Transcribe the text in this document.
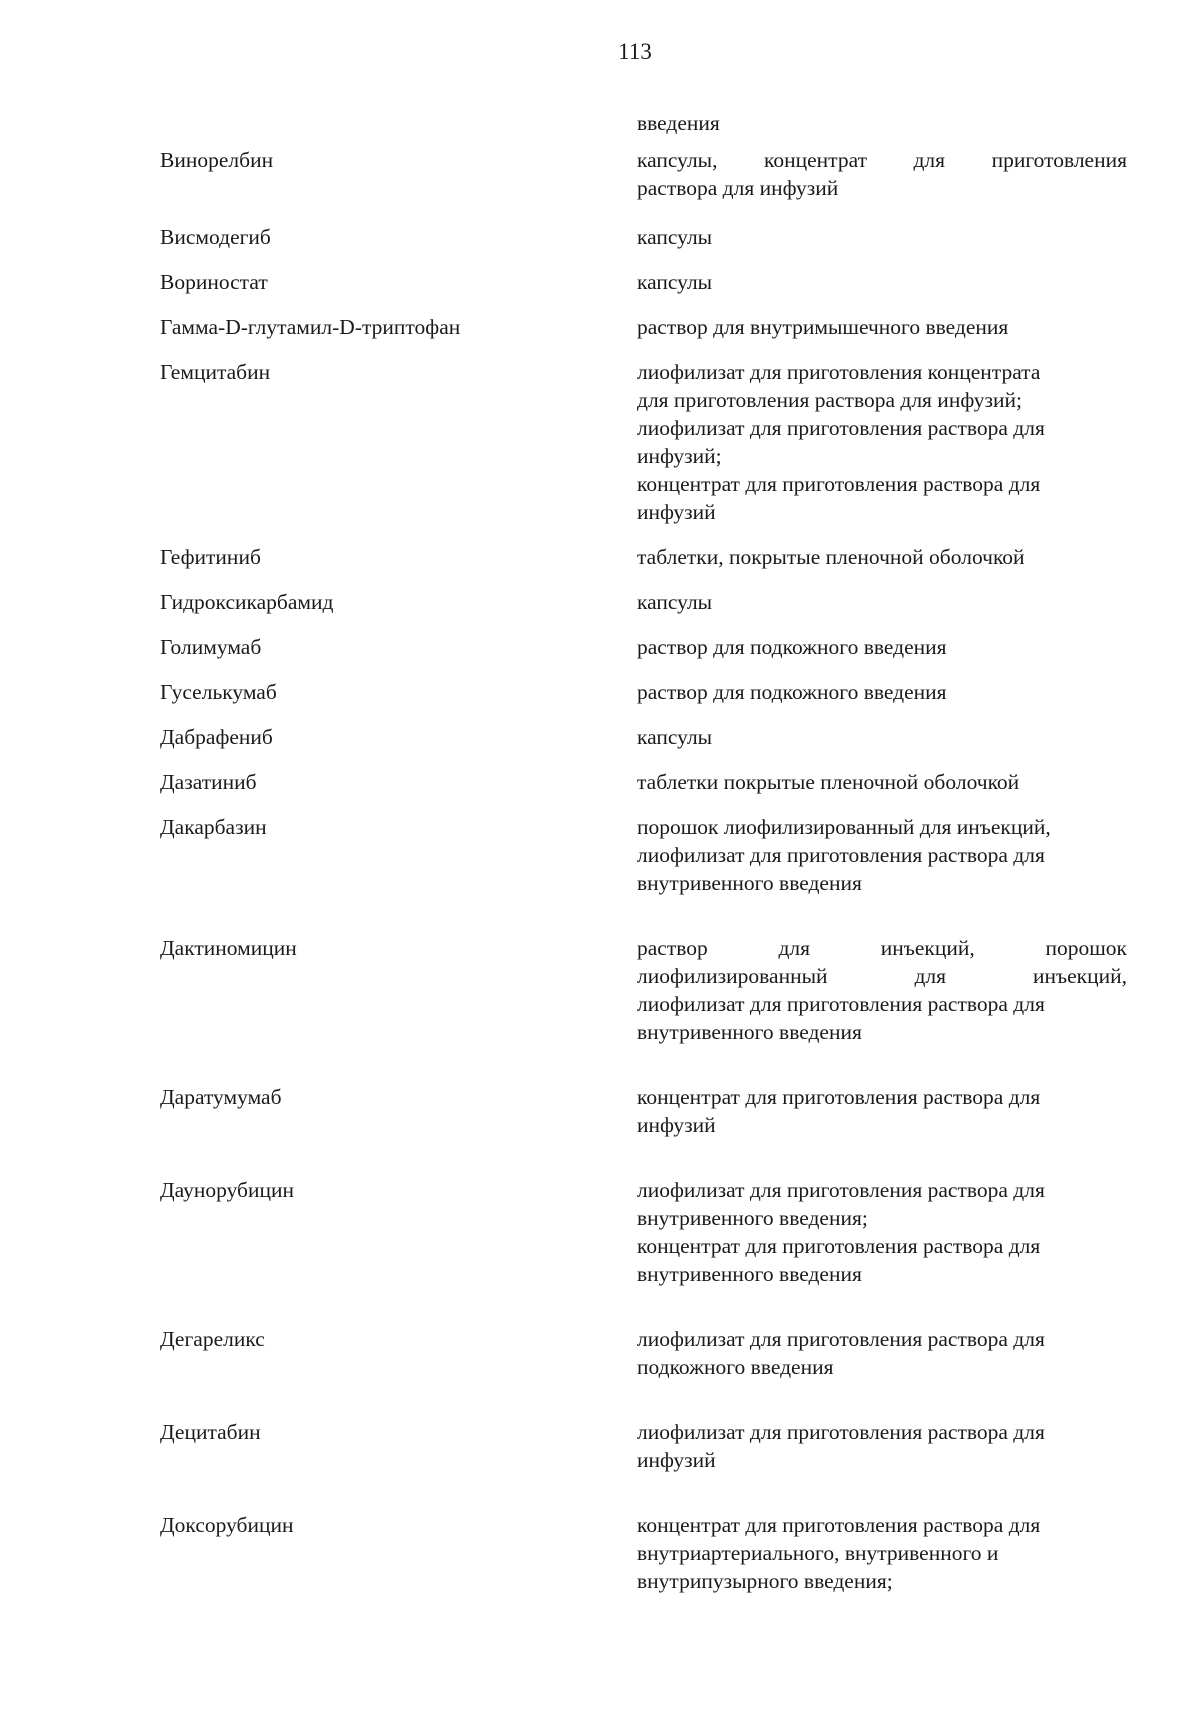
113
введения
Винорелбин	капсулы, концентрат для приготовления
раствора для инфузий
Висмодегиб	капсулы
Вориностат	капсулы
Гамма-D-глутамил-D-триптофан	раствор для внутримышечного введения
Гемцитабин	лиофилизат для приготовления концентрата
для приготовления раствора для инфузий;
лиофилизат для приготовления раствора для
инфузий;
концентрат для приготовления раствора для
инфузий
Гефитиниб	таблетки, покрытые пленочной оболочкой
Гидроксикарбамид	капсулы
Голимумаб	раствор для подкожного введения
Гуселькумаб	раствор для подкожного введения
Дабрафениб	капсулы
Дазатиниб	таблетки покрытые пленочной оболочкой
Дакарбазин	порошок лиофилизированный для инъекций,
лиофилизат для приготовления раствора для
внутривенного введения
Дактиномицин	раствор для инъекций, порошок
лиофилизированный для инъекций,
лиофилизат для приготовления раствора для
внутривенного введения
Даратумумаб	концентрат для приготовления раствора для
инфузий
Даунорубицин	лиофилизат для приготовления раствора для
внутривенного введения;
концентрат для приготовления раствора для
внутривенного введения
Дегареликс	лиофилизат для приготовления раствора для
подкожного введения
Децитабин	лиофилизат для приготовления раствора для
инфузий
Доксорубицин	концентрат для приготовления раствора для
внутриартериального, внутривенного и
внутрипузырного введения;
